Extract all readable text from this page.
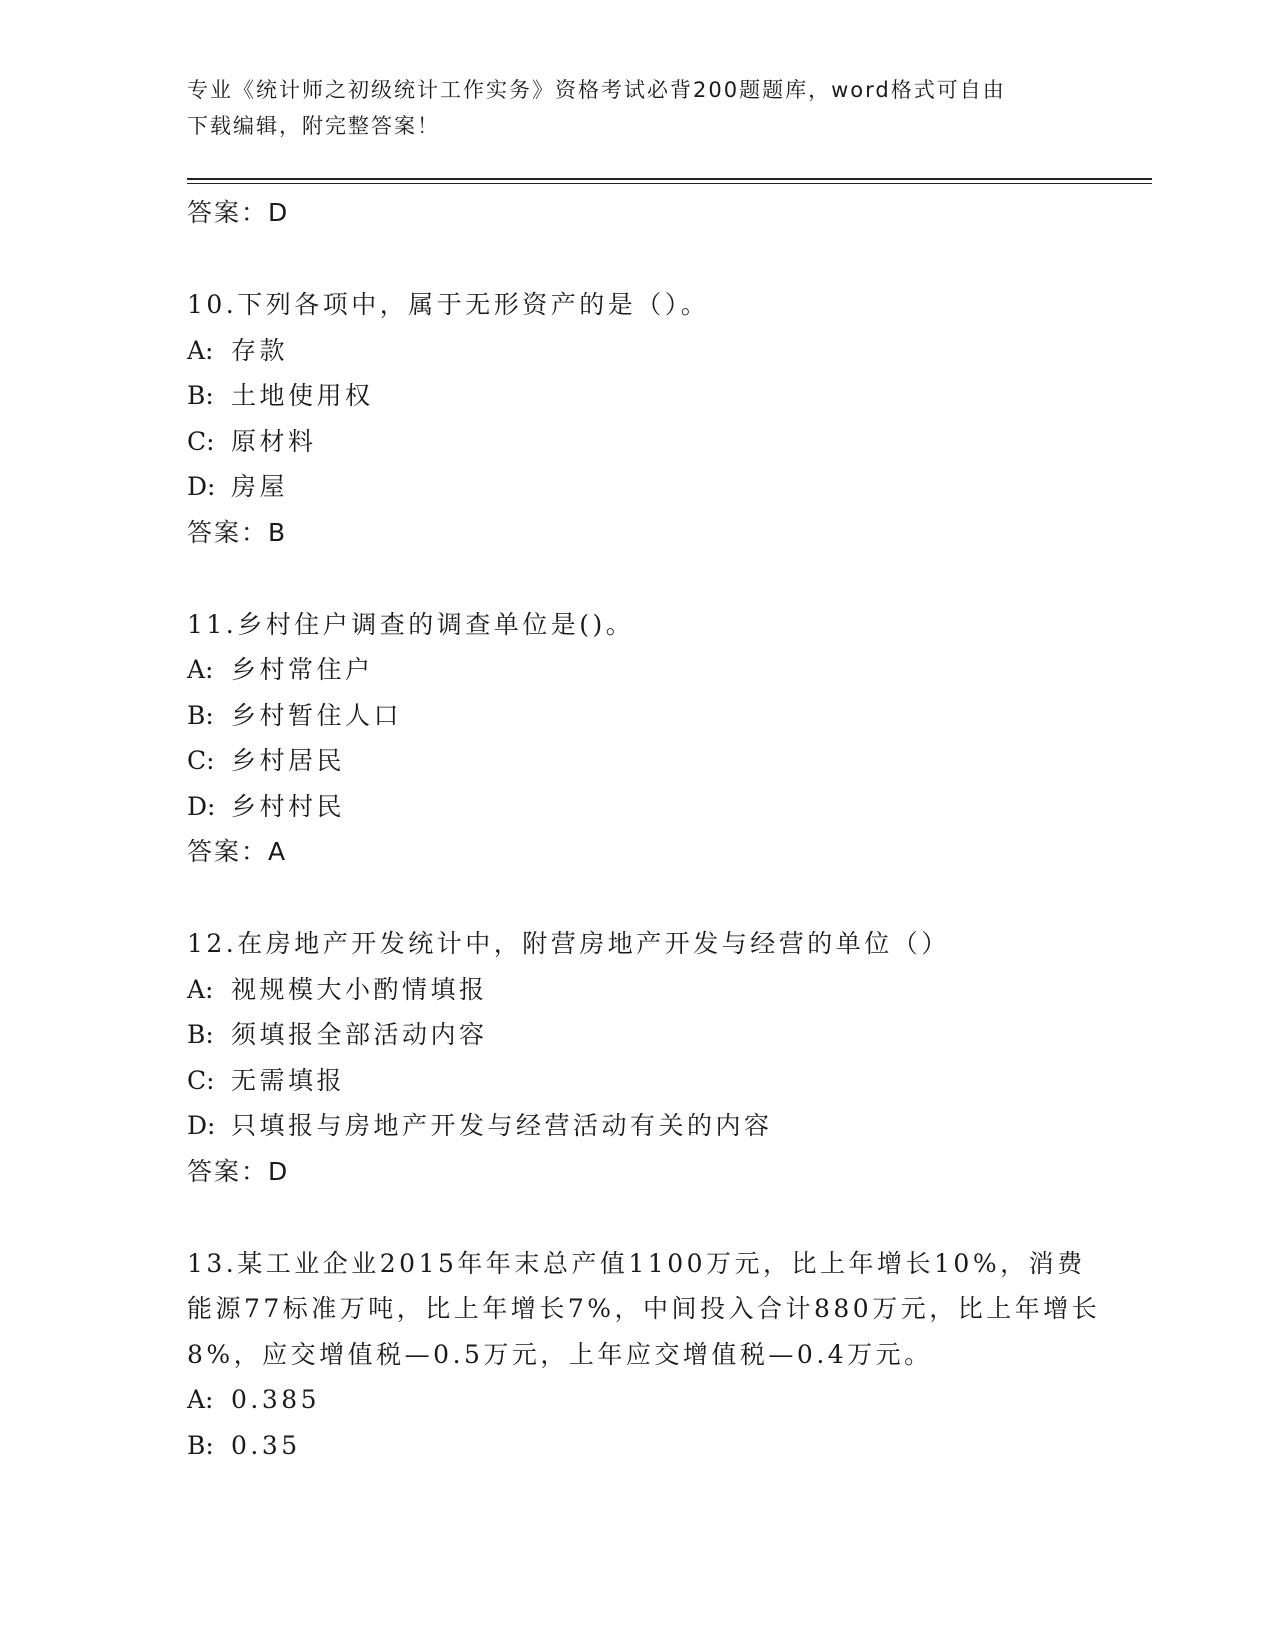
专业《统计师之初级统计工作实务》资格考试必背200题题库，word格式可自由
下载编辑，附完整答案！
答案：D
10.下列各项中，属于无形资产的是（）。
A: 存款
B: 土地使用权
C: 原材料
D: 房屋
答案：B
11.乡村住户调查的调查单位是()。
A: 乡村常住户
B: 乡村暂住人口
C: 乡村居民
D: 乡村村民
答案：A
12.在房地产开发统计中，附营房地产开发与经营的单位（）
A: 视规模大小酌情填报
B: 须填报全部活动内容
C: 无需填报
D: 只填报与房地产开发与经营活动有关的内容
答案：D
13.某工业企业2015年年末总产值1100万元，比上年增长10%，消费能源77标准万吨，比上年增长7%，中间投入合计880万元，比上年增长8%，应交增值税—0.5万元，上年应交增值税—0.4万元。
A: 0.385
B: 0.35
